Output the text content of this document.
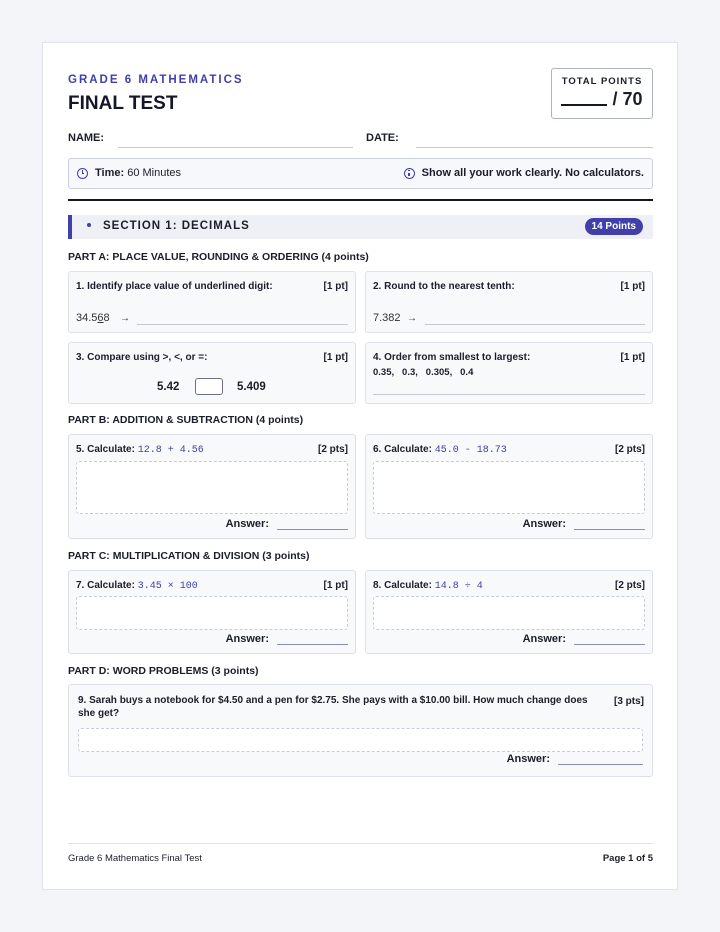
GRADE 6 MATHEMATICS
FINAL TEST
TOTAL POINTS
/ 70
NAME:	DATE:
Time:
60 Minutes	Show all your work clearly. No calculators.
SECTION 1: DECIMALS	14 Points
PART A: PLACE VALUE, ROUNDING & ORDERING (4 points)
1. Identify place value of underlined digit:	[1 pt]
34.568 →
2. Round to the nearest tenth:	[1 pt]
7.382 →
3. Compare using >, <, or =:	[1 pt]
5.42	5.409
4. Order from smallest to largest:	[1 pt]
0.35,   0.3,   0.305,   0.4
PART B: ADDITION & SUBTRACTION (4 points)
5. Calculate: 12.8 + 4.56	[2 pts]
Answer:
6. Calculate: 45.0 - 18.73	[2 pts]
Answer:
PART C: MULTIPLICATION & DIVISION (3 points)
7. Calculate: 3.45 × 100	[1 pt]
Answer:
8. Calculate: 14.8 ÷ 4	[2 pts]
Answer:
PART D: WORD PROBLEMS (3 points)
9. Sarah buys a notebook for $4.50 and a pen for $2.75. She pays with a $10.00 bill. How much change does she get?
[3 pts]
Answer:
Grade 6 Mathematics Final Test	Page 1 of 5
